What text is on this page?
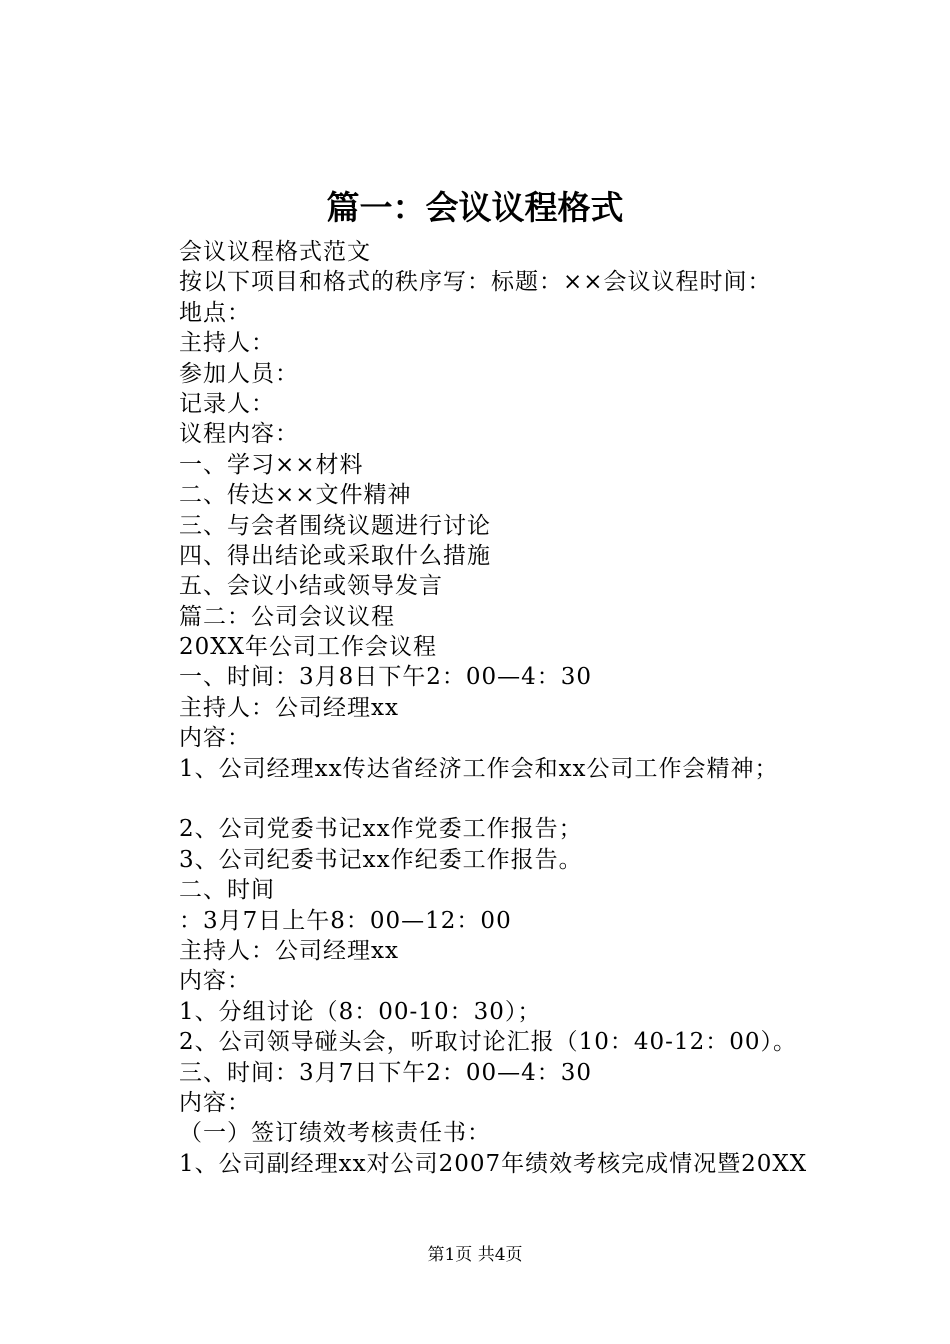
篇一：会议议程格式
会议议程格式范文
按以下项目和格式的秩序写：标题：××会议议程时间：
地点：
主持人：
参加人员：
记录人：
议程内容：
一、学习××材料
二、传达××文件精神
三、与会者围绕议题进行讨论
四、得出结论或采取什么措施
五、会议小结或领导发言
篇二：公司会议议程
20XX年公司工作会议程
一、时间：3月8日下午2：00—4：30
主持人：公司经理xx
内容：
1、公司经理xx传达省经济工作会和xx公司工作会精神；
2、公司党委书记xx作党委工作报告；
3、公司纪委书记xx作纪委工作报告。
二、时间
：3月7日上午8：00—12：00
主持人：公司经理xx
内容：
1、分组讨论（8：00-10：30）；
2、公司领导碰头会，听取讨论汇报（10：40-12：00）。
三、时间：3月7日下午2：00—4：30
内容：
（一）签订绩效考核责任书：
1、公司副经理xx对公司2007年绩效考核完成情况暨20XX
第1页 共4页
